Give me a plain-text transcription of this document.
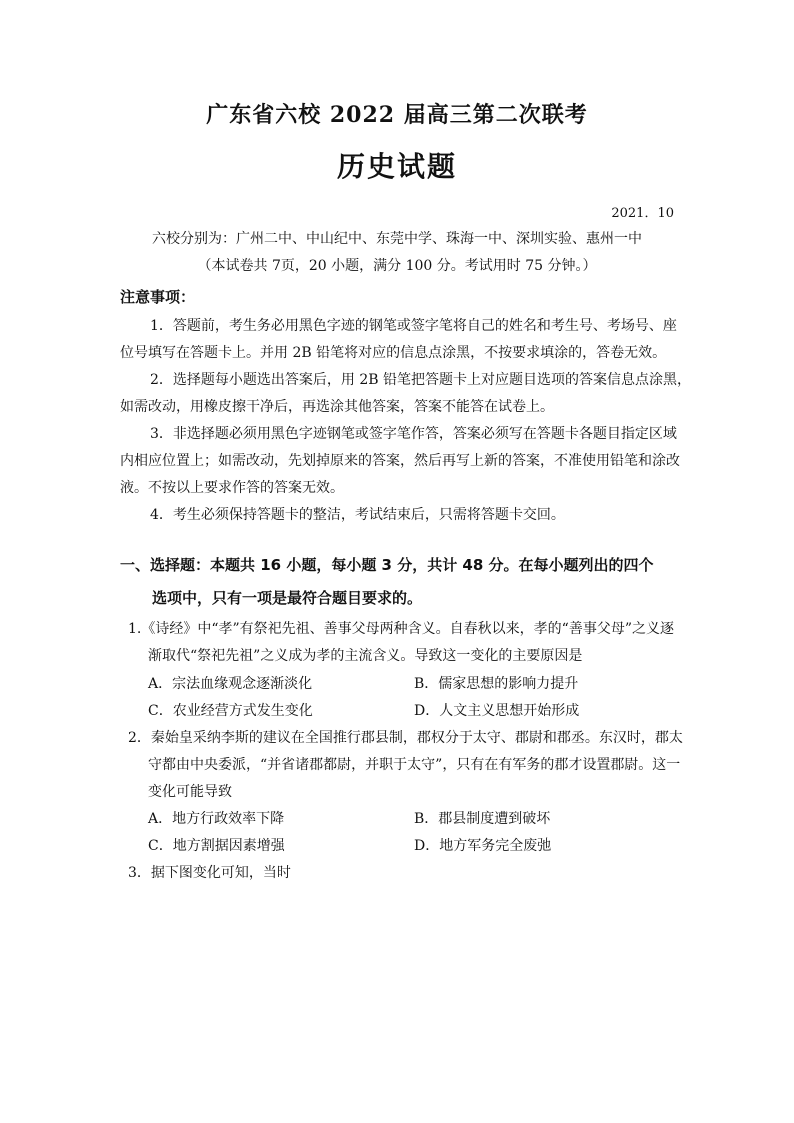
广东省六校 2022 届高三第二次联考
历史试题
2021．10
六校分别为：广州二中、中山纪中、东莞中学、珠海一中、深圳实验、惠州一中
（本试卷共 7页，20 小题，满分 100 分。考试用时 75 分钟。）
注意事项：
1．答题前，考生务必用黑色字迹的钢笔或签字笔将自己的姓名和考生号、考场号、座
位号填写在答题卡上。并用 2B 铅笔将对应的信息点涂黑，不按要求填涂的，答卷无效。
2．选择题每小题选出答案后，用 2B 铅笔把答题卡上对应题目选项的答案信息点涂黑，
如需改动，用橡皮擦干净后，再选涂其他答案，答案不能答在试卷上。
3．非选择题必须用黑色字迹钢笔或签字笔作答，答案必须写在答题卡各题目指定区域
内相应位置上；如需改动，先划掉原来的答案，然后再写上新的答案，不准使用铅笔和涂改
液。不按以上要求作答的答案无效。
4．考生必须保持答题卡的整洁，考试结束后，只需将答题卡交回。
一、选择题：本题共 16 小题，每小题 3 分，共计 48 分。在每小题列出的四个
选项中，只有一项是最符合题目要求的。
1.《诗经》中“孝”有祭祀先祖、善事父母两种含义。自春秋以来，孝的“善事父母”之义逐
渐取代“祭祀先祖”之义成为孝的主流含义。导致这一变化的主要原因是
A．宗法血缘观念逐渐淡化	B．儒家思想的影响力提升
C．农业经营方式发生变化	D．人文主义思想开始形成
2．秦始皇采纳李斯的建议在全国推行郡县制，郡权分于太守、郡尉和郡丞。东汉时，郡太
守都由中央委派，“并省诸郡都尉，并职于太守”，只有在有军务的郡才设置郡尉。这一
变化可能导致
A．地方行政效率下降	B．郡县制度遭到破坏
C．地方割据因素增强	D．地方军务完全废弛
3．据下图变化可知，当时
